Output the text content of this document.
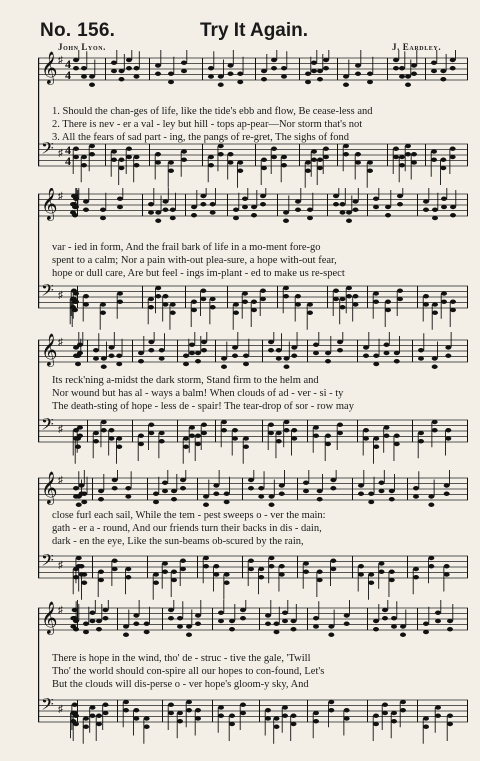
No. 156.	Try It Again.
John Lyon.	J. Eardley.
𝄞 ♯
𝄢 ♯
4
4
4
4
1. Should the chan-ges of life, like the tide's ebb and flow, Be cease-less and
2. There is nev - er a val - ley but hill - tops ap-pear—Nor storm that's not
3. All the fears of sad part - ing, the pangs of re-gret, The sighs of fond
𝄞 ♯
𝄢 ♯
var - ied in form, And the frail bark of life in a mo-ment fore-go
spent to a calm; Nor a pain with-out plea-sure, a hope with-out fear,
hope or dull care, Are but feel - ings im-plant - ed to make us re-spect
𝄞 ♯
𝄢 ♯
Its reck'ning a-midst the dark storm, Stand firm to the helm and
Nor wound but has al - ways a balm! When clouds of ad - ver - si - ty
The death-sting of hope - less de - spair! The tear-drop of sor - row may
𝄞 ♯
𝄢 ♯
close furl each sail, While the tem - pest sweeps o - ver the main:
gath - er a - round, And our friends turn their backs in dis - dain,
dark - en the eye, Like the sun-beams ob-scured by the rain,
𝄞 ♯
𝄢 ♯
There is hope in the wind, tho' de - struc - tive the gale, 'Twill
Tho' the world should con-spire all our hopes to con-found, Let's
But the clouds will dis-perse o - ver hope's gloom-y sky, And
